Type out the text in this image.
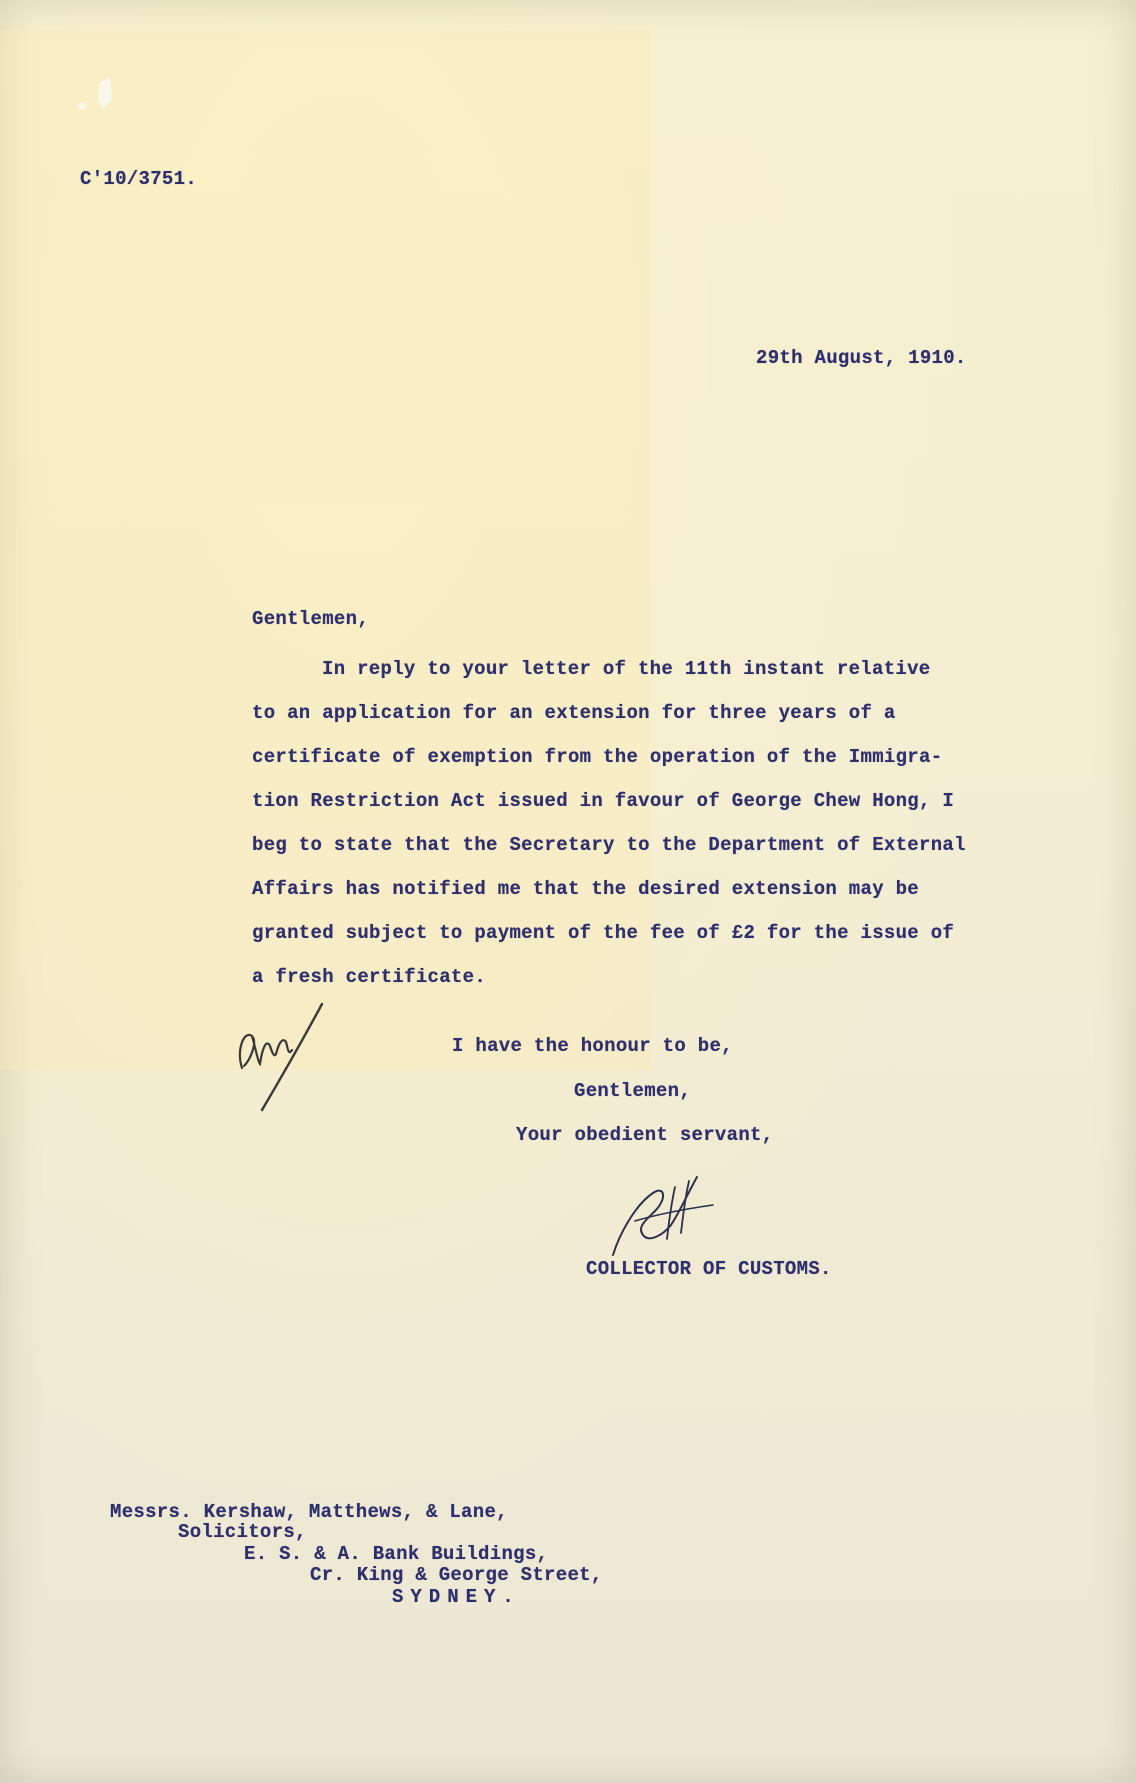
C'10/3751.
29th August, 1910.
Gentlemen,
In reply to your letter of the 11th instant relative
to an application for an extension for three years of a
certificate of exemption from the operation of the Immigra-
tion Restriction Act issued in favour of George Chew Hong, I
beg to state that the Secretary to the Department of External
Affairs has notified me that the desired extension may be
granted subject to payment of the fee of £2 for the issue of
a fresh certificate.
I have the honour to be,
Gentlemen,
Your obedient servant,
COLLECTOR OF CUSTOMS.
Messrs. Kershaw, Matthews, & Lane,
Solicitors,
E. S. & A. Bank Buildings,
Cr. King & George Street,
SYDNEY.
